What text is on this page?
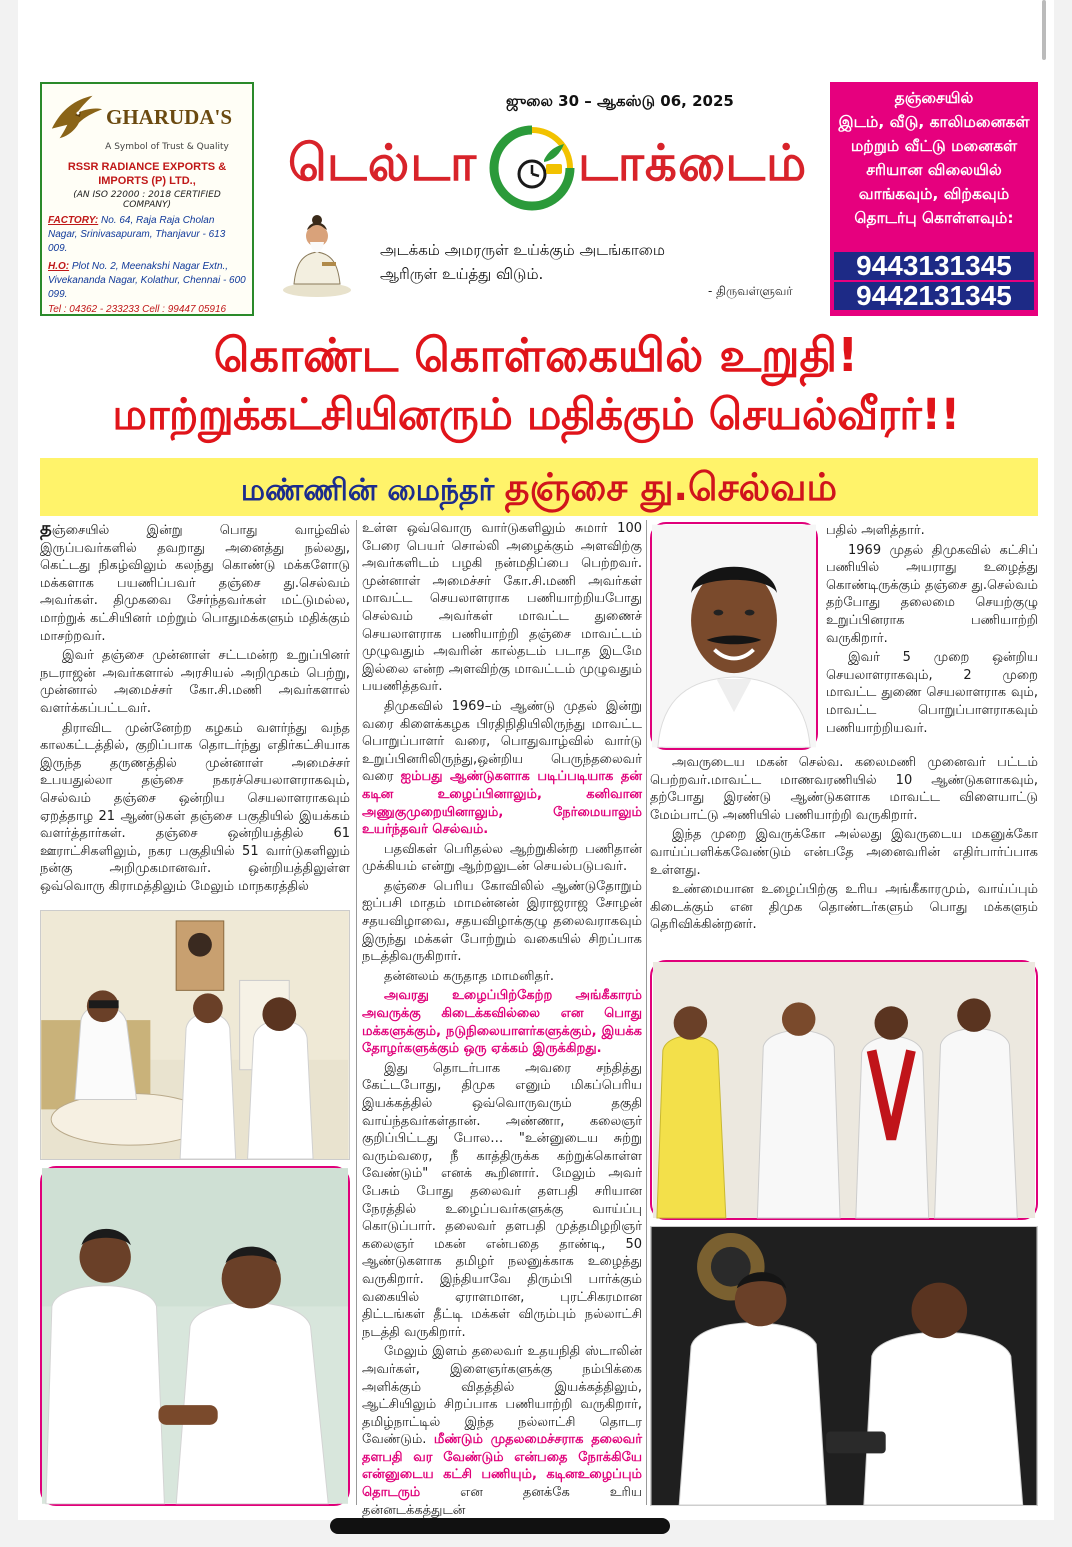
GHARUDA'S
A Symbol of Trust & Quality
RSSR RADIANCE EXPORTS & IMPORTS (P) LTD.,
(AN ISO 22000 : 2018 CERTIFIED COMPANY)
FACTORY: No. 64, Raja Raja Cholan Nagar, Srinivasapuram, Thanjavur - 613 009.
H.O: Plot No. 2, Meenakshi Nagar Extn., Vivekananda Nagar, Kolathur, Chennai - 600 099.
Tel : 04362 - 233233 Cell : 99447 05916
ஜுலை 30 – ஆகஸ்டு 06, 2025
டெல்டா டாக்டைம்
அடக்கம் அமரருள் உய்க்கும் அடங்காமை
ஆரிருள் உய்த்து விடும்.
- திருவள்ளுவர்
தஞ்சையில்
இடம், வீடு, காலிமனைகள்
மற்றும் வீட்டு மனைகள்
சரியான விலையில்
வாங்கவும், விற்கவும்
தொடர்பு கொள்ளவும்:
9443131345
9442131345
கொண்ட கொள்கையில் உறுதி!
மாற்றுக்கட்சியினரும் மதிக்கும் செயல்வீரர்!!
மண்ணின் மைந்தர் தஞ்சை து.செல்வம்

தஞ்சையில் இன்று பொது வாழ்வில் இருப்பவர்களில் தவறாது அனைத்து நல்லது, கெட்டது நிகழ்விலும் கலந்து கொண்டு மக்களோடு மக்களாக பயணிப்பவர் தஞ்சை து.செல்வம் அவர்கள். திமுகவை சேர்ந்தவர்கள் மட்டுமல்ல, மாற்றுக் கட்சியினர் மற்றும் பொதுமக்களும் மதிக்கும் மாசற்றவர்.

இவர் தஞ்சை முன்னாள் சட்டமன்ற உறுப்பினர் நடராஜன் அவர்களால் அரசியல் அறிமுகம் பெற்று, முன்னால் அமைச்சர் கோ.சி.மணி அவர்களால் வளர்க்கப்பட்டவர்.

திராவிட முன்னேற்ற கழகம் வளர்ந்து வந்த காலகட்டத்தில், குறிப்பாக தொடர்ந்து எதிர்கட்சியாக இருந்த தருணத்தில் முன்னாள் அமைச்சர் உபயதுல்லா தஞ்சை நகரச்செயலாளராகவும், செல்வம் தஞ்சை ஒன்றிய செயலாளராகவும் ஏறத்தாழ 21 ஆண்டுகள் தஞ்சை பகுதியில் இயக்கம் வளர்த்தார்கள். தஞ்சை ஒன்றியத்தில் 61 ஊராட்சிகளிலும், நகர பகுதியில் 51 வார்டுகளிலும் நன்கு அறிமுகமானவர். ஒன்றியத்திலுள்ள ஒவ்வொரு கிராமத்திலும் மேலும் மாநகரத்தில்

உள்ள ஒவ்வொரு வார்டுகளிலும் சுமார் 100 பேரை பெயர் சொல்லி அழைக்கும் அளவிற்கு அவர்களிடம் பழகி நன்மதிப்பை பெற்றவர். முன்னாள் அமைச்சர் கோ.சி.மணி அவர்கள் மாவட்ட செயலாளராக பணியாற்றியபோது செல்வம் அவர்கள் மாவட்ட துணைச் செயலாளராக பணியாற்றி தஞ்சை மாவட்டம் முழுவதும் அவரின் கால்தடம் படாத இடமே இல்லை என்ற அளவிற்கு மாவட்டம் முழுவதும் பயணித்தவர்.

திமுகவில் 1969–ம் ஆண்டு முதல் இன்று வரை கிளைக்கழக பிரதிநிதியிலிருந்து மாவட்ட பொறுப்பாளர் வரை, பொதுவாழ்வில் வார்டு உறுப்பினரிலிருந்து,ஒன்றிய பெருந்தலைவர் வரை ஐம்பது ஆண்டுகளாக படிப்படியாக தன் கடின உழைப்பினாலும், கனிவான அணுகுமுறையினாலும், நேர்மையாலும் உயர்ந்தவர் செல்வம்.

பதவிகள் பெரிதல்ல ஆற்றுகின்ற பணிதான் முக்கியம் என்று ஆற்றலுடன் செயல்படுபவர்.

தஞ்சை பெரிய கோவிலில் ஆண்டுதோறும் ஐப்பசி மாதம் மாமன்னன் இராஜராஜ சோழன் சதயவிழாவை, சதயவிழாக்குழு தலைவராகவும் இருந்து மக்கள் போற்றும் வகையில் சிறப்பாக நடத்திவருகிறார்.

தன்னலம் கருதாத மாமனிதர்.

அவரது உழைப்பிற்கேற்ற அங்கீகாரம் அவருக்கு கிடைக்கவில்லை என பொது மக்களுக்கும், நடுநிலையாளர்களுக்கும், இயக்க தோழர்களுக்கும் ஒரு ஏக்கம் இருக்கிறது.

இது தொடர்பாக அவரை சந்தித்து கேட்டபோது, திமுக எனும் மிகப்பெரிய இயக்கத்தில் ஒவ்வொருவரும் தகுதி வாய்ந்தவர்கள்தான். அண்ணா, கலைஞர் குறிப்பிட்டது போல… "உன்னுடைய சுற்று வரும்வரை, நீ காத்திருக்க கற்றுக்கொள்ள வேண்டும்" எனக் கூறினார். மேலும் அவர் பேசும் போது தலைவர் தளபதி சரியான நேரத்தில் உழைப்பவர்களுக்கு வாய்ப்பு கொடுப்பார். தலைவர் தளபதி முத்தமிழறிஞர் கலைஞர் மகன் என்பதை தாண்டி, 50 ஆண்டுகளாக தமிழர் நலனுக்காக உழைத்து வருகிறார். இந்தியாவே திரும்பி பார்க்கும் வகையில் ஏராளமான, புரட்சிகரமான திட்டங்கள் தீட்டி மக்கள் விரும்பும் நல்லாட்சி நடத்தி வருகிறார்.

மேலும் இளம் தலைவர் உதயநிதி ஸ்டாலின் அவர்கள், இளைஞர்களுக்கு நம்பிக்கை அளிக்கும் விதத்தில் இயக்கத்திலும், ஆட்சியிலும் சிறப்பாக பணியாற்றி வருகிறார், தமிழ்நாட்டில் இந்த நல்லாட்சி தொடர வேண்டும். மீண்டும் முதலமைச்சராக தலைவர் தளபதி வர வேண்டும் என்பதை நோக்கியே என்னுடைய கட்சி பணியும், கடினஉழைப்பும் தொடரும் என தனக்கே உரிய தன்னடக்கத்துடன்

பதில் அளித்தார்.

1969 முதல் திமுகவில் கட்சிப் பணியில் அயராது உழைத்து கொண்டிருக்கும் தஞ்சை து.செல்வம் தற்போது தலைமை செயற்குழு உறுப்பினராக பணியாற்றி வருகிறார்.

இவர் 5 முறை ஒன்றிய செயலாளராகவும், 2 முறை மாவட்ட துணை செயலாளராக வும், மாவட்ட பொறுப்பாளராகவும் பணியாற்றியவர்.

அவருடைய மகன் செல்வ. கலைமணி முனைவர் பட்டம் பெற்றவர்.மாவட்ட மாணவரணியில் 10 ஆண்டுகளாகவும், தற்போது இரண்டு ஆண்டுகளாக மாவட்ட விளையாட்டு மேம்பாட்டு அணியில் பணியாற்றி வருகிறார்.

இந்த முறை இவருக்கோ அல்லது இவருடைய மகனுக்கோ வாய்ப்பளிக்கவேண்டும் என்பதே அனைவரின் எதிர்பார்ப்பாக உள்ளது.

உண்மையான உழைப்பிற்கு உரிய அங்கீகாரமும், வாய்ப்பும் கிடைக்கும் என திமுக தொண்டர்களும் பொது மக்களும் தெரிவிக்கின்றனர்.
